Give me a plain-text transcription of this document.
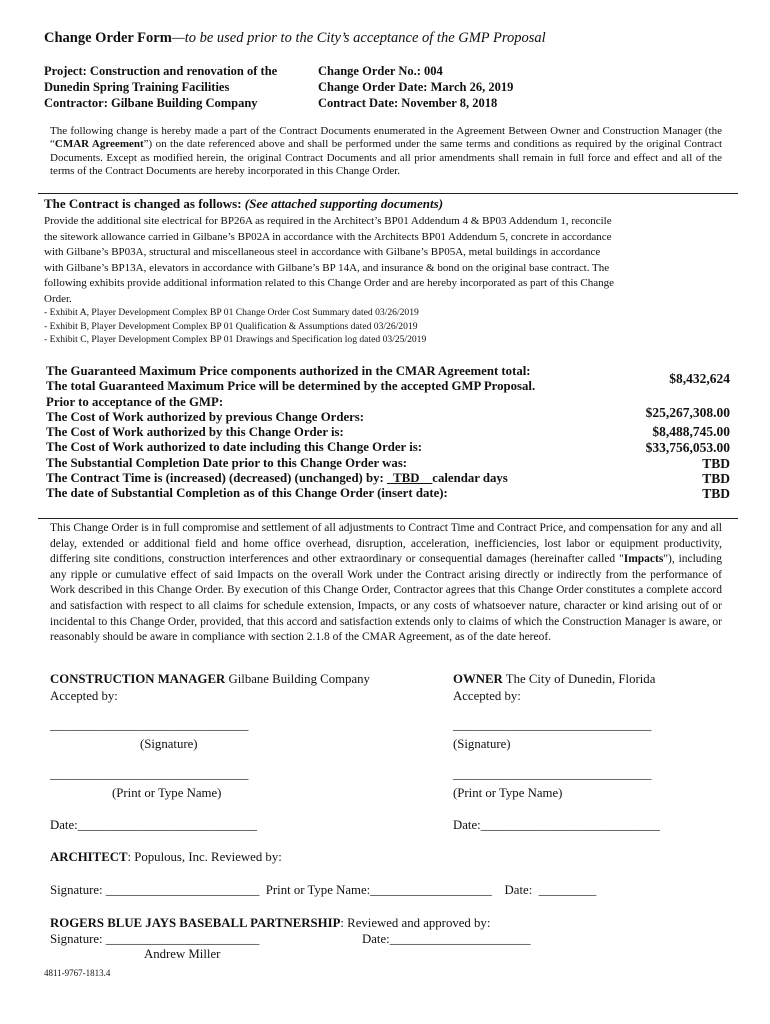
Change Order Form—to be used prior to the City’s acceptance of the GMP Proposal
Project: Construction and renovation of the
Dunedin Spring Training Facilities
Contractor: Gilbane Building Company
Change Order No.: 004
Change Order Date: March 26, 2019
Contract Date: November 8, 2018
The following change is hereby made a part of the Contract Documents enumerated in the Agreement Between Owner and Construction Manager (the “CMAR Agreement”) on the date referenced above and shall be performed under the same terms and conditions as required by the original Contract Documents. Except as modified herein, the original Contract Documents and all prior amendments shall remain in full force and effect and all of the terms of the Contract Documents are hereby incorporated in this Change Order.
The Contract is changed as follows: (See attached supporting documents)
Provide the additional site electrical for BP26A as required in the Architect’s BP01 Addendum 4 & BP03 Addendum 1, reconcile the sitework allowance carried in Gilbane’s BP02A in accordance with the Architects BP01 Addendum 5, concrete in accordance with Gilbane’s BP03A, structural and miscellaneous steel in accordance with Gilbane’s BP05A, metal buildings in accordance with Gilbane’s BP13A, elevators in accordance with Gilbane’s BP 14A, and insurance & bond on the original base contract. The following exhibits provide additional information related to this Change Order and are hereby incorporated as part of this Change Order.
- Exhibit A, Player Development Complex BP 01 Change Order Cost Summary dated 03/26/2019
- Exhibit B, Player Development Complex BP 01 Qualification & Assumptions dated 03/26/2019
- Exhibit C, Player Development Complex BP 01 Drawings and Specification log dated 03/25/2019
The Guaranteed Maximum Price components authorized in the CMAR Agreement total:
The total Guaranteed Maximum Price will be determined by the accepted GMP Proposal.
Prior to acceptance of the GMP:
The Cost of Work authorized by previous Change Orders:
The Cost of Work authorized by this Change Order is:
The Cost of Work authorized to date including this Change Order is:
The Substantial Completion Date prior to this Change Order was:
The Contract Time is (increased) (decreased) (unchanged) by:   TBD    calendar days
The date of Substantial Completion as of this Change Order (insert date):
$8,432,624
$25,267,308.00
$8,488,745.00
$33,756,053.00
TBD
TBD
TBD
This Change Order is in full compromise and settlement of all adjustments to Contract Time and Contract Price, and compensation for any and all delay, extended or additional field and home office overhead, disruption, acceleration, inefficiencies, lost labor or equipment productivity, differing site conditions, construction interferences and other extraordinary or consequential damages (hereinafter called "Impacts"), including any ripple or cumulative effect of said Impacts on the overall Work under the Contract arising directly or indirectly from the performance of Work described in this Change Order. By execution of this Change Order, Contractor agrees that this Change Order constitutes a complete accord and satisfaction with respect to all claims for schedule extension, Impacts, or any costs of whatsoever nature, character or kind arising out of or incidental to this Change Order, provided, that this accord and satisfaction extends only to claims of which the Construction Manager is aware, or reasonably should be aware in compliance with section 2.1.8 of the CMAR Agreement, as of the date hereof.
CONSTRUCTION MANAGER Gilbane Building Company
Accepted by:
_______________________________
(Signature)
_______________________________
(Print or Type Name)
Date:____________________________
OWNER The City of Dunedin, Florida
Accepted by:
_______________________________
(Signature)
_______________________________
(Print or Type Name)
Date:____________________________
ARCHITECT: Populous, Inc. Reviewed by:
Signature: ________________________  Print or Type Name:___________________    Date:  _________
ROGERS BLUE JAYS BASEBALL PARTNERSHIP: Reviewed and approved by:
Signature: ________________________	Date:______________________
Andrew Miller
4811-9767-1813.4
